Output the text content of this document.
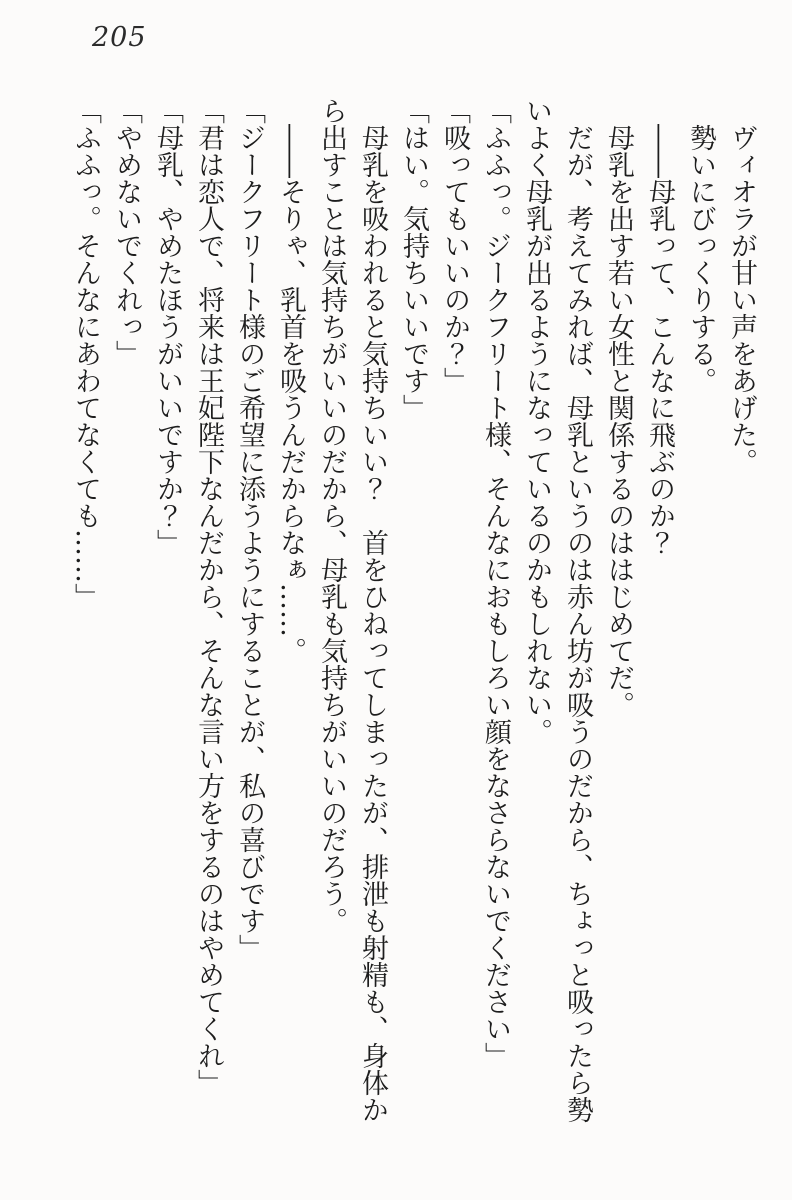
205

　ヴィオラが甘い声をあげた。

　勢いにびっくりする。

　――母乳って、こんなに飛ぶのか？

　母乳を出す若い女性と関係するのははじめてだ。

　だが、考えてみれば、母乳というのは赤ん坊が吸うのだから、ちょっと吸ったら勢いよく母乳が出るようになっているのかもしれない。

「ふふっ。ジークフリート様、そんなにおもしろい顔をなさらないでください」

「吸ってもいいのか？」

「はい。気持ちいいです」

　母乳を吸われると気持ちいい？　首をひねってしまったが、排泄も射精も、身体から出すことは気持ちがいいのだから、母乳も気持ちがいいのだろう。

　――そりゃ、乳首を吸うんだからなぁ……。

「ジークフリート様のご希望に添うようにすることが、私の喜びです」

「君は恋人で、将来は王妃陛下なんだから、そんな言い方をするのはやめてくれ」

「母乳、やめたほうがいいですか？」

「やめないでくれっ」

「ふふっ。そんなにあわてなくても……」
